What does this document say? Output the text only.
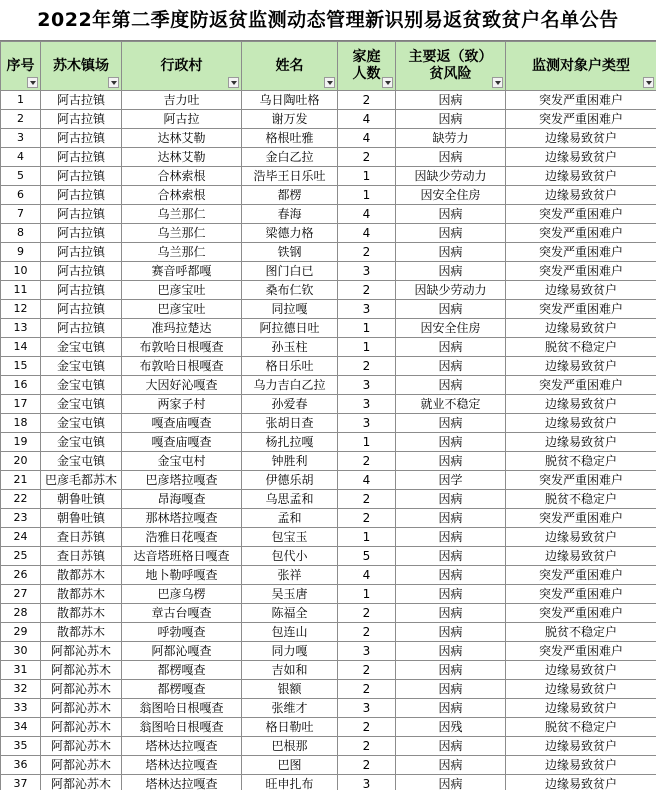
2022年第二季度防返贫监测动态管理新识别易返贫致贫户名单公告
序号	苏木镇场	行政村	姓名	家庭人数	主要返（致）贫风险	监测对象户类型

1	阿古拉镇	吉力吐	乌日陶吐格	2	因病	突发严重困难户
2	阿古拉镇	阿古拉	谢万发	4	因病	突发严重困难户
3	阿古拉镇	达林艾勒	格根吐雅	4	缺劳力	边缘易致贫户
4	阿古拉镇	达林艾勒	金白乙拉	2	因病	边缘易致贫户
5	阿古拉镇	合林索根	浩毕王日乐吐	1	因缺少劳动力	边缘易致贫户
6	阿古拉镇	合林索根	都楞	1	因安全住房	边缘易致贫户
7	阿古拉镇	乌兰那仁	春海	4	因病	突发严重困难户
8	阿古拉镇	乌兰那仁	梁德力格	4	因病	突发严重困难户
9	阿古拉镇	乌兰那仁	铁钢	2	因病	突发严重困难户
10	阿古拉镇	赛音呼都嘎	图门白已	3	因病	突发严重困难户
11	阿古拉镇	巴彦宝吐	桑布仁钦	2	因缺少劳动力	边缘易致贫户
12	阿古拉镇	巴彦宝吐	同拉嘎	3	因病	突发严重困难户
13	阿古拉镇	准玛拉楚达	阿拉德日吐	1	因安全住房	边缘易致贫户
14	金宝屯镇	布敦哈日根嘎查	孙玉柱	1	因病	脱贫不稳定户
15	金宝屯镇	布敦哈日根嘎查	格日乐吐	2	因病	边缘易致贫户
16	金宝屯镇	大因好沁嘎查	乌力吉白乙拉	3	因病	突发严重困难户
17	金宝屯镇	两家子村	孙爱春	3	就业不稳定	边缘易致贫户
18	金宝屯镇	嘎查庙嘎查	张胡日查	3	因病	边缘易致贫户
19	金宝屯镇	嘎查庙嘎查	杨扎拉嘎	1	因病	边缘易致贫户
20	金宝屯镇	金宝屯村	钟胜利	2	因病	脱贫不稳定户
21	巴彦毛都苏木	巴彦塔拉嘎查	伊德乐胡	4	因学	突发严重困难户
22	朝鲁吐镇	昂海嘎查	乌思孟和	2	因病	脱贫不稳定户
23	朝鲁吐镇	那林塔拉嘎查	孟和	2	因病	突发严重困难户
24	查日苏镇	浩雅日花嘎查	包宝玉	1	因病	边缘易致贫户
25	查日苏镇	达音塔班格日嘎查	包代小	5	因病	边缘易致贫户
26	散都苏木	地卜勒呼嘎查	张祥	4	因病	突发严重困难户
27	散都苏木	巴彦乌楞	吴玉唐	1	因病	突发严重困难户
28	散都苏木	章古台嘎查	陈福全	2	因病	突发严重困难户
29	散都苏木	呼勃嘎查	包连山	2	因病	脱贫不稳定户
30	阿都沁苏木	阿都沁嘎查	同力嘎	3	因病	突发严重困难户
31	阿都沁苏木	都楞嘎查	吉如和	2	因病	边缘易致贫户
32	阿都沁苏木	都楞嘎查	银额	2	因病	边缘易致贫户
33	阿都沁苏木	翁图哈日根嘎查	张维才	3	因病	边缘易致贫户
34	阿都沁苏木	翁图哈日根嘎查	格日勒吐	2	因残	脱贫不稳定户
35	阿都沁苏木	塔林达拉嘎查	巴根那	2	因病	边缘易致贫户
36	阿都沁苏木	塔林达拉嘎查	巴图	2	因病	边缘易致贫户
37	阿都沁苏木	塔林达拉嘎查	旺申扎布	3	因病	边缘易致贫户
